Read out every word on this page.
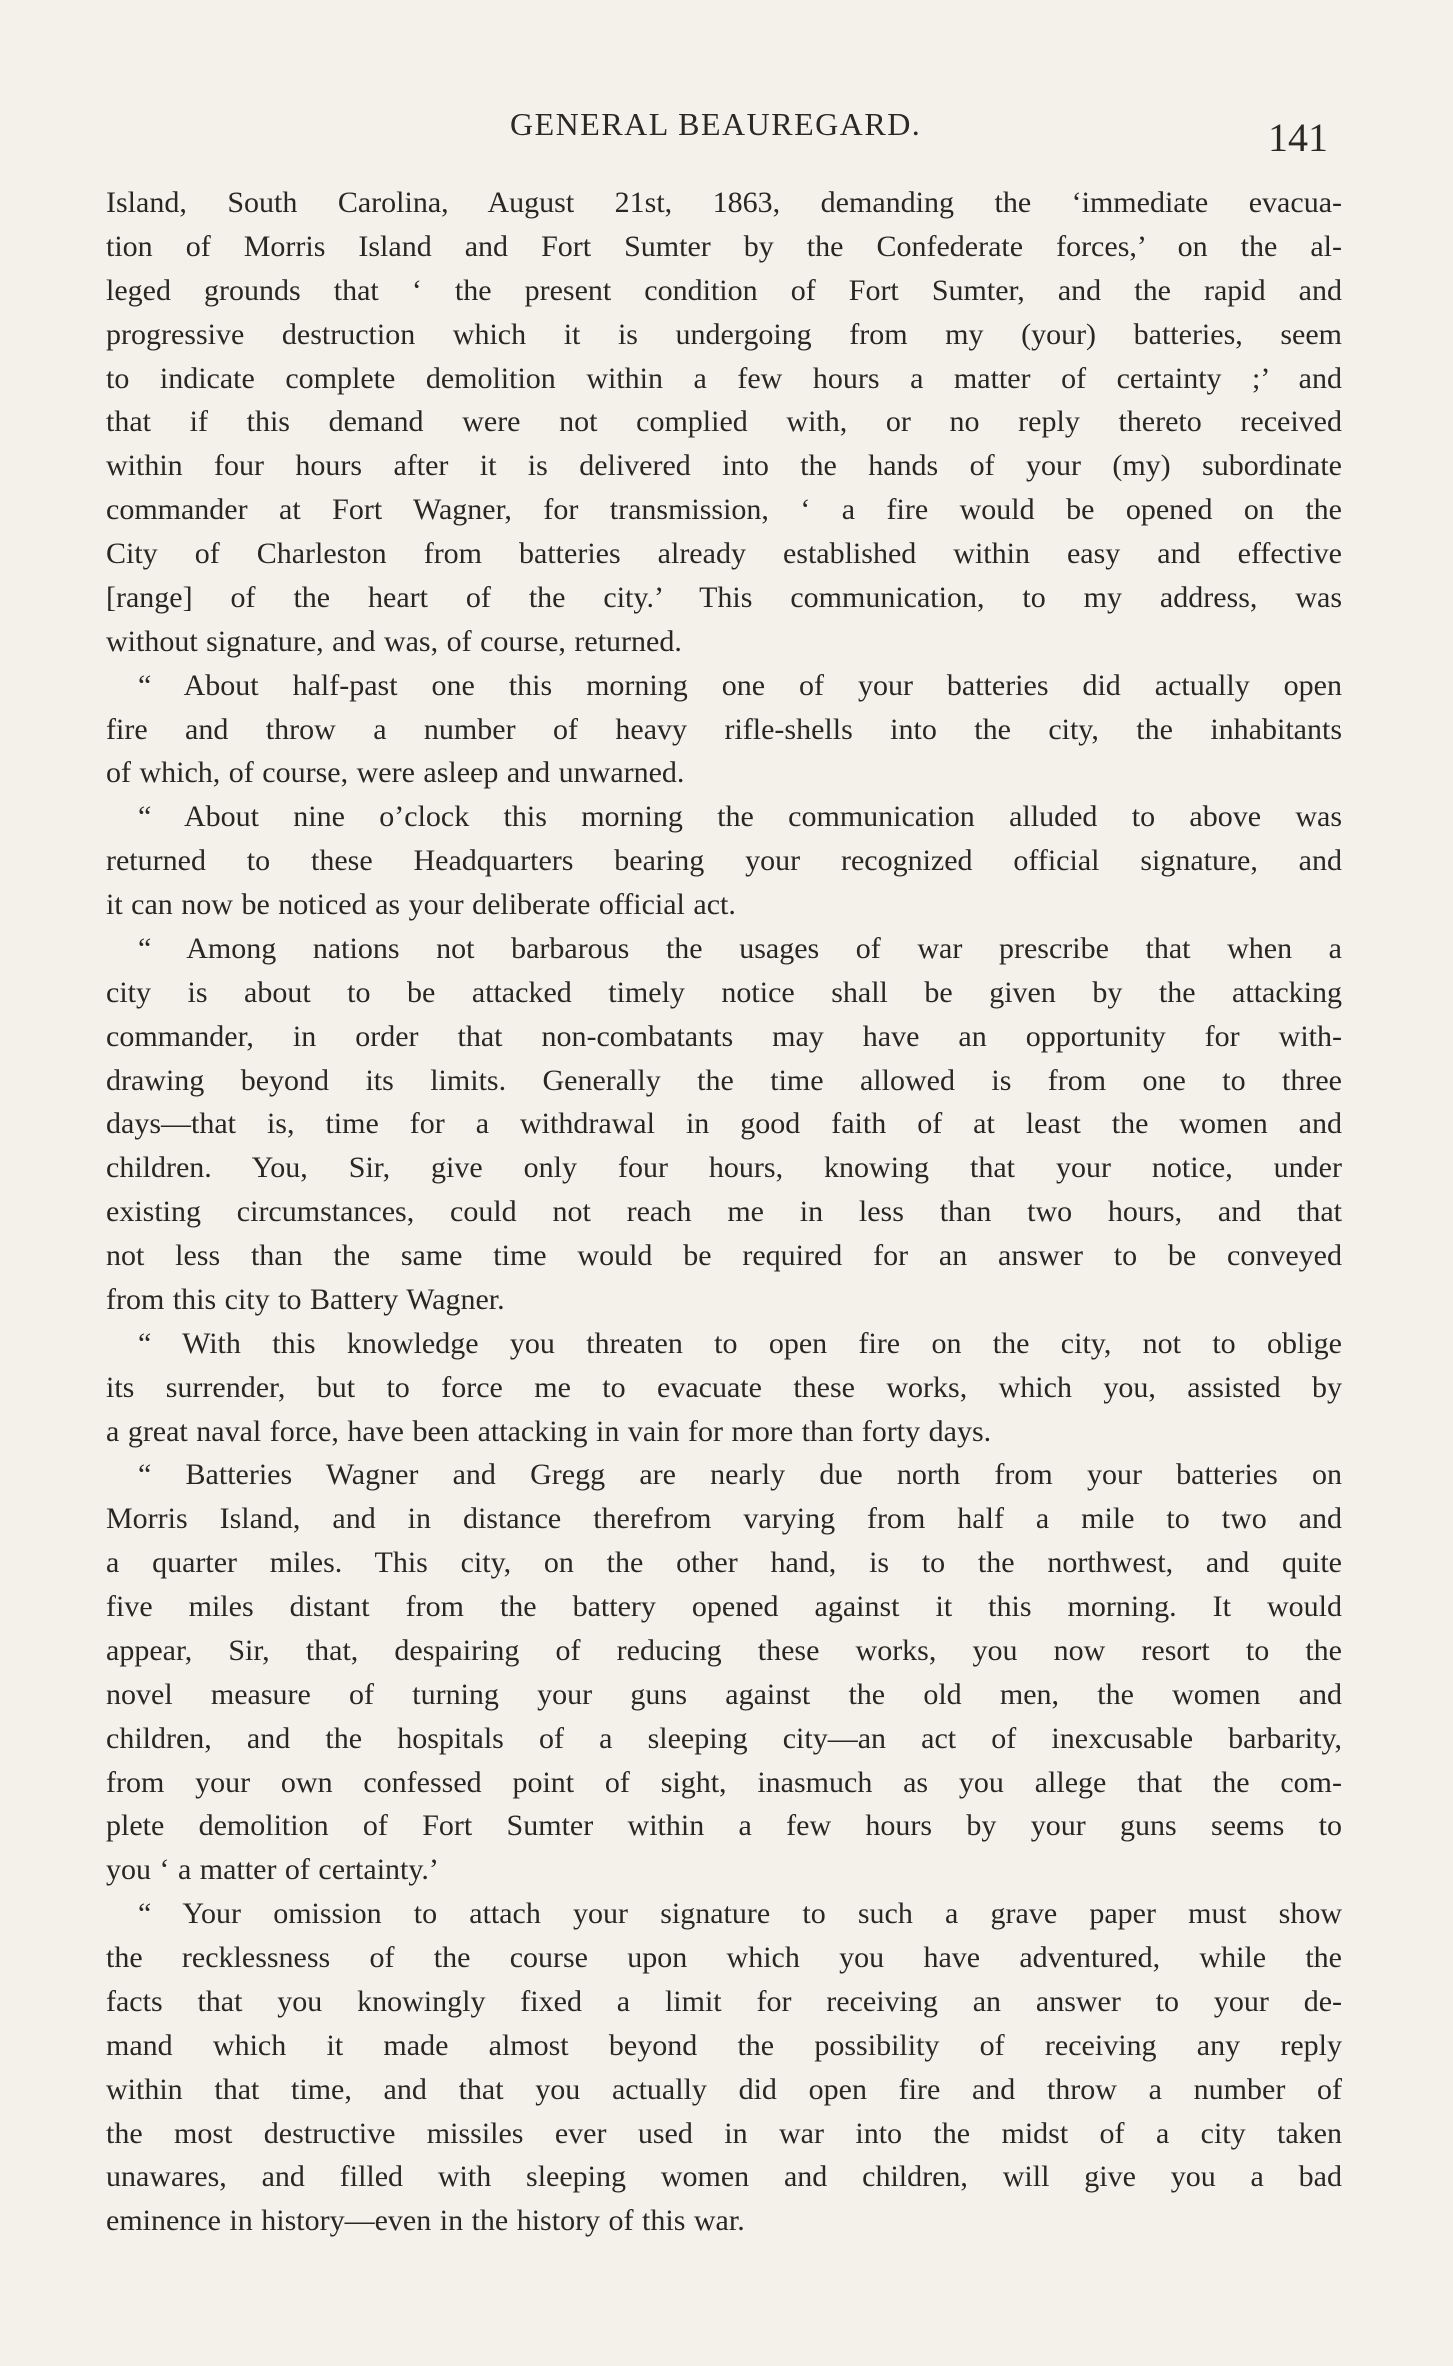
GENERAL BEAUREGARD.	141
Island, South Carolina, August 21st, 1863, demanding the ‘immediate evacua-
tion of Morris Island and Fort Sumter by the Confederate forces,’ on the al-
leged grounds that ‘ the present condition of Fort Sumter, and the rapid and
progressive destruction which it is undergoing from my (your) batteries, seem
to indicate complete demolition within a few hours a matter of certainty ;’ and
that if this demand were not complied with, or no reply thereto received
within four hours after it is delivered into the hands of your (my) subordinate
commander at Fort Wagner, for transmission, ‘ a fire would be opened on the
City of Charleston from batteries already established within easy and effective
[range] of the heart of the city.’ This communication, to my address, was
without signature, and was, of course, returned.
“ About half-past one this morning one of your batteries did actually open
fire and throw a number of heavy rifle-shells into the city, the inhabitants
of which, of course, were asleep and unwarned.
“ About nine o’clock this morning the communication alluded to above was
returned to these Headquarters bearing your recognized official signature, and
it can now be noticed as your deliberate official act.
“ Among nations not barbarous the usages of war prescribe that when a
city is about to be attacked timely notice shall be given by the attacking
commander, in order that non-combatants may have an opportunity for with-
drawing beyond its limits. Generally the time allowed is from one to three
days—that is, time for a withdrawal in good faith of at least the women and
children. You, Sir, give only four hours, knowing that your notice, under
existing circumstances, could not reach me in less than two hours, and that
not less than the same time would be required for an answer to be conveyed
from this city to Battery Wagner.
“ With this knowledge you threaten to open fire on the city, not to oblige
its surrender, but to force me to evacuate these works, which you, assisted by
a great naval force, have been attacking in vain for more than forty days.
“ Batteries Wagner and Gregg are nearly due north from your batteries on
Morris Island, and in distance therefrom varying from half a mile to two and
a quarter miles. This city, on the other hand, is to the northwest, and quite
five miles distant from the battery opened against it this morning. It would
appear, Sir, that, despairing of reducing these works, you now resort to the
novel measure of turning your guns against the old men, the women and
children, and the hospitals of a sleeping city—an act of inexcusable barbarity,
from your own confessed point of sight, inasmuch as you allege that the com-
plete demolition of Fort Sumter within a few hours by your guns seems to
you ‘ a matter of certainty.’
“ Your omission to attach your signature to such a grave paper must show
the recklessness of the course upon which you have adventured, while the
facts that you knowingly fixed a limit for receiving an answer to your de-
mand which it made almost beyond the possibility of receiving any reply
within that time, and that you actually did open fire and throw a number of
the most destructive missiles ever used in war into the midst of a city taken
unawares, and filled with sleeping women and children, will give you a bad
eminence in history—even in the history of this war.
